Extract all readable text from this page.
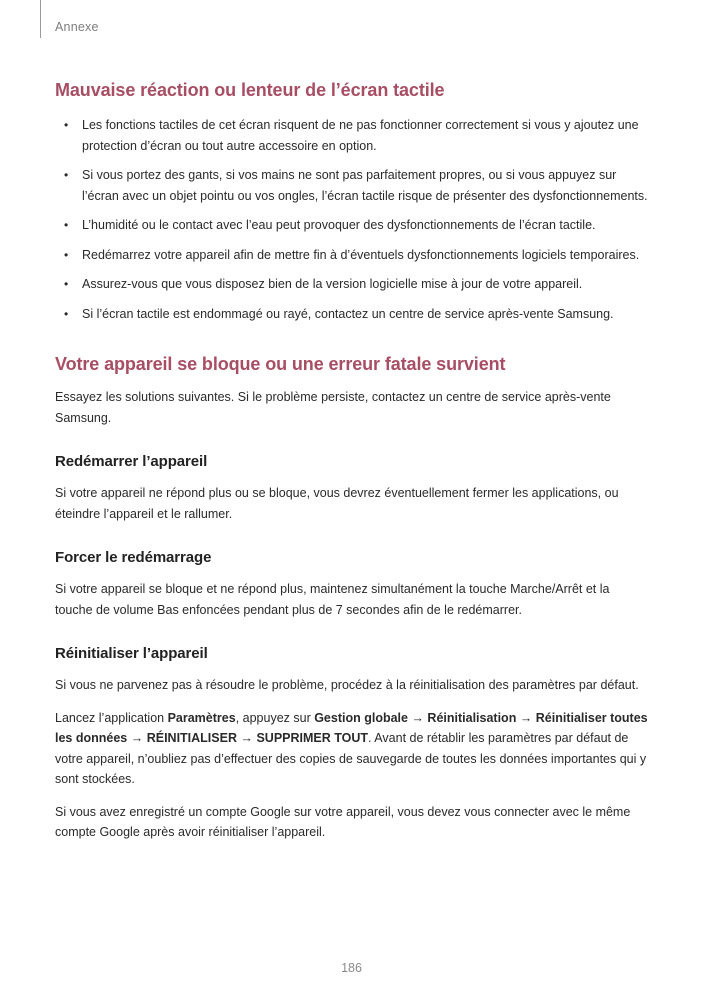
Annexe
Mauvaise réaction ou lenteur de l’écran tactile
• Les fonctions tactiles de cet écran risquent de ne pas fonctionner correctement si vous y ajoutez une protection d’écran ou tout autre accessoire en option.
• Si vous portez des gants, si vos mains ne sont pas parfaitement propres, ou si vous appuyez sur l’écran avec un objet pointu ou vos ongles, l’écran tactile risque de présenter des dysfonctionnements.
• L’humidité ou le contact avec l’eau peut provoquer des dysfonctionnements de l’écran tactile.
• Redémarrez votre appareil afin de mettre fin à d’éventuels dysfonctionnements logiciels temporaires.
• Assurez-vous que vous disposez bien de la version logicielle mise à jour de votre appareil.
• Si l’écran tactile est endommagé ou rayé, contactez un centre de service après-vente Samsung.
Votre appareil se bloque ou une erreur fatale survient

Essayez les solutions suivantes. Si le problème persiste, contactez un centre de service après-vente Samsung.

Redémarrer l’appareil

Si votre appareil ne répond plus ou se bloque, vous devrez éventuellement fermer les applications, ou éteindre l’appareil et le rallumer.

Forcer le redémarrage

Si votre appareil se bloque et ne répond plus, maintenez simultanément la touche Marche/Arrêt et la touche de volume Bas enfoncées pendant plus de 7 secondes afin de le redémarrer.

Réinitialiser l’appareil

Si vous ne parvenez pas à résoudre le problème, procédez à la réinitialisation des paramètres par défaut.

Lancez l’application Paramètres, appuyez sur Gestion globale → Réinitialisation → Réinitialiser toutes les données → RÉINITIALISER → SUPPRIMER TOUT. Avant de rétablir les paramètres par défaut de votre appareil, n’oubliez pas d’effectuer des copies de sauvegarde de toutes les données importantes qui y sont stockées.

Si vous avez enregistré un compte Google sur votre appareil, vous devez vous connecter avec le même compte Google après avoir réinitialiser l’appareil.

186
